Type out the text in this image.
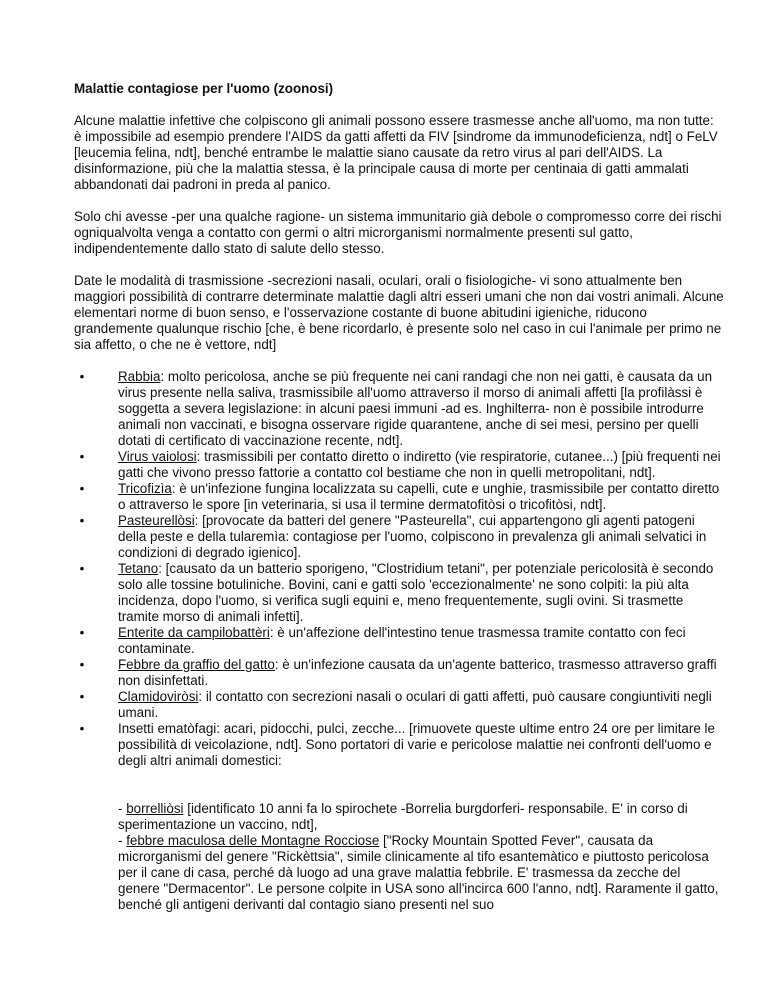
Malattie contagiose per l'uomo (zoonosi)

Alcune malattie infettive che colpiscono gli animali possono essere trasmesse anche all'uomo, ma non tutte: è impossibile ad esempio prendere l'AIDS da gatti affetti da FIV [sindrome da immunodeficienza, ndt] o FeLV [leucemia felina, ndt], benché entrambe le malattie siano causate da retro virus al pari dell'AIDS. La disinformazione, più che la malattia stessa, è la principale causa di morte per centinaia di gatti ammalati abbandonati dai padroni in preda al panico.

Solo chi avesse -per una qualche ragione- un sistema immunitario già debole o compromesso corre dei rischi ogniqualvolta venga a contatto con germi o altri microrganismi normalmente presenti sul gatto, indipendentemente dallo stato di salute dello stesso.

Date le modalità di trasmissione -secrezioni nasali, oculari, orali o fisiologiche- vi sono attualmente ben maggiori possibilità di contrarre determinate malattie dagli altri esseri umani che non dai vostri animali. Alcune elementari norme di buon senso, e l'osservazione costante di buone abitudini igieniche, riducono grandemente qualunque rischio [che, è bene ricordarlo, è presente solo nel caso in cui l'animale per primo ne sia affetto, o che ne è vettore, ndt]

•	Rabbia: molto pericolosa, anche se più frequente nei cani randagi che non nei gatti, è causata da un virus presente nella saliva, trasmissibile all'uomo attraverso il morso di animali affetti [la profilàssi è soggetta a severa legislazione: in alcuni paesi immuni -ad es. Inghilterra- non è possibile introdurre animali non vaccinati, e bisogna osservare rigide quarantene, anche di sei mesi, persino per quelli dotati di certificato di vaccinazione recente, ndt].
•	Virus vaiolosi: trasmissibili per contatto diretto o indiretto (vie respiratorie, cutanee...) [più frequenti nei gatti che vivono presso fattorie a contatto col bestiame che non in quelli metropolitani, ndt].
•	Tricofizìa: è un'infezione fungina localizzata su capelli, cute e unghie, trasmissibile per contatto diretto o attraverso le spore [in veterinaria, si usa il termine dermatofitòsi o tricofitòsi, ndt].
•	Pasteurellòsi: [provocate da batteri del genere "Pasteurella", cui appartengono gli agenti patogeni della peste e della tularemìa: contagiose per l'uomo, colpiscono in prevalenza gli animali selvatici in condizioni di degrado igienico].
•	Tetano: [causato da un batterio sporigeno, "Clostridium tetani", per potenziale pericolosità è secondo solo alle tossine botuliniche. Bovini, cani e gatti solo 'eccezionalmente' ne sono colpiti: la più alta incidenza, dopo l'uomo, si verifica sugli equini e, meno frequentemente, sugli ovini. Si trasmette tramite morso di animali infetti].
•	Enterite da campilobattèri: è un'affezione dell'intestino tenue trasmessa tramite contatto con feci contaminate.
•	Febbre da graffio del gatto: è un'infezione causata da un'agente batterico, trasmesso attraverso graffi non disinfettati.
•	Clamidoviròsi: il contatto con secrezioni nasali o oculari di gatti affetti, può causare congiuntiviti negli umani.
•	Insetti ematòfagi: acari, pidocchi, pulci, zecche... [rimuovete queste ultime entro 24 ore per limitare le possibilità di veicolazione, ndt]. Sono portatori di varie e pericolose malattie nei confronti dell'uomo e degli altri animali domestici:

- borrelliòsi [identificato 10 anni fa lo spirochete -Borrelia burgdorferi- responsabile. E' in corso di sperimentazione un vaccino, ndt],

- febbre maculosa delle Montagne Rocciose ["Rocky Mountain Spotted Fever", causata da microrganismi del genere "Rickèttsia", simile clinicamente al tifo esantemàtico e piuttosto pericolosa per il cane di casa, perché dà luogo ad una grave malattia febbrile. E' trasmessa da zecche del genere "Dermacentor". Le persone colpite in USA sono all'incirca 600 l'anno, ndt]. Raramente il gatto, benché gli antigeni derivanti dal contagio siano presenti nel suo
